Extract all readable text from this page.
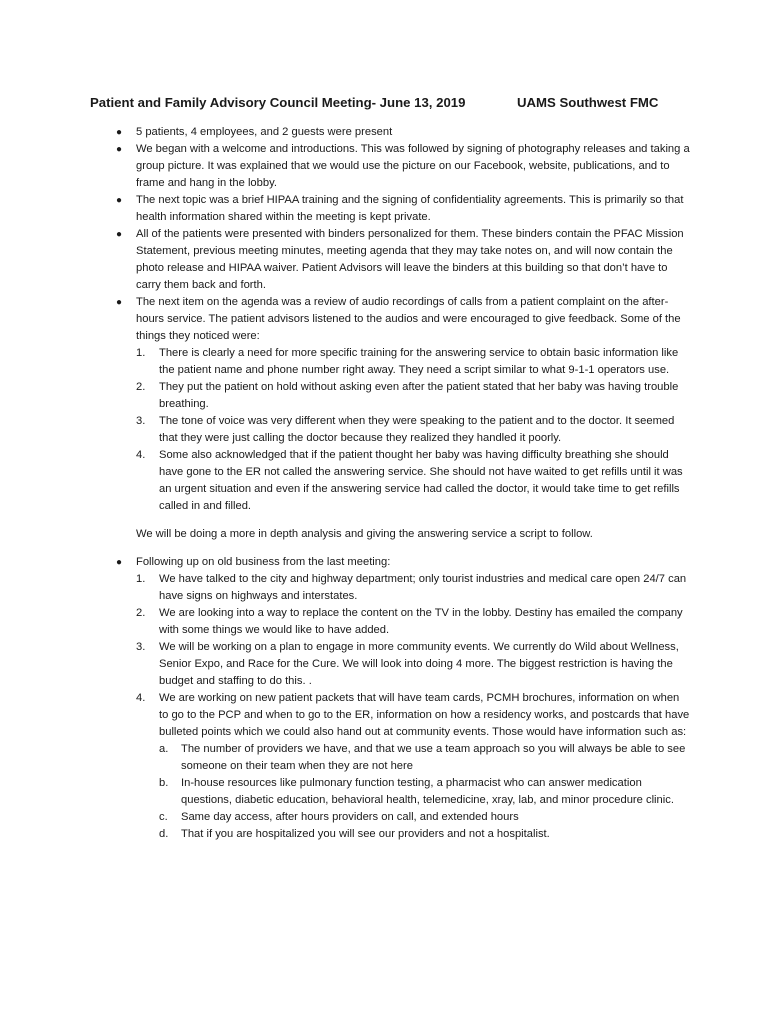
Patient and Family Advisory Council Meeting- June 13, 2019	UAMS Southwest FMC
● 5 patients, 4 employees, and 2 guests were present
● We began with a welcome and introductions. This was followed by signing of photography releases and taking a group picture. It was explained that we would use the picture on our Facebook, website, publications, and to frame and hang in the lobby.
● The next topic was a brief HIPAA training and the signing of confidentiality agreements. This is primarily so that health information shared within the meeting is kept private.
● All of the patients were presented with binders personalized for them. These binders contain the PFAC Mission Statement, previous meeting minutes, meeting agenda that they may take notes on, and will now contain the photo release and HIPAA waiver. Patient Advisors will leave the binders at this building so that don’t have to carry them back and forth.
● The next item on the agenda was a review of audio recordings of calls from a patient complaint on the after-hours service. The patient advisors listened to the audios and were encouraged to give feedback. Some of the things they noticed were:
1. There is clearly a need for more specific training for the answering service to obtain basic information like the patient name and phone number right away. They need a script similar to what 9-1-1 operators use.
2. They put the patient on hold without asking even after the patient stated that her baby was having trouble breathing.
3. The tone of voice was very different when they were speaking to the patient and to the doctor. It seemed that they were just calling the doctor because they realized they handled it poorly.
4. Some also acknowledged that if the patient thought her baby was having difficulty breathing she should have gone to the ER not called the answering service. She should not have waited to get refills until it was an urgent situation and even if the answering service had called the doctor, it would take time to get refills called in and filled.
We will be doing a more in depth analysis and giving the answering service a script to follow.
● Following up on old business from the last meeting:
1. We have talked to the city and highway department; only tourist industries and medical care open 24/7 can have signs on highways and interstates.
2. We are looking into a way to replace the content on the TV in the lobby. Destiny has emailed the company with some things we would like to have added.
3. We will be working on a plan to engage in more community events. We currently do Wild about Wellness, Senior Expo, and Race for the Cure. We will look into doing 4 more. The biggest restriction is having the budget and staffing to do this. .
4. We are working on new patient packets that will have team cards, PCMH brochures, information on when to go to the PCP and when to go to the ER, information on how a residency works, and postcards that have bulleted points which we could also hand out at community events. Those would have information such as:
a. The number of providers we have, and that we use a team approach so you will always be able to see someone on their team when they are not here
b. In-house resources like pulmonary function testing, a pharmacist who can answer medication questions, diabetic education, behavioral health, telemedicine, xray, lab, and minor procedure clinic.
c. Same day access, after hours providers on call, and extended hours
d. That if you are hospitalized you will see our providers and not a hospitalist.
